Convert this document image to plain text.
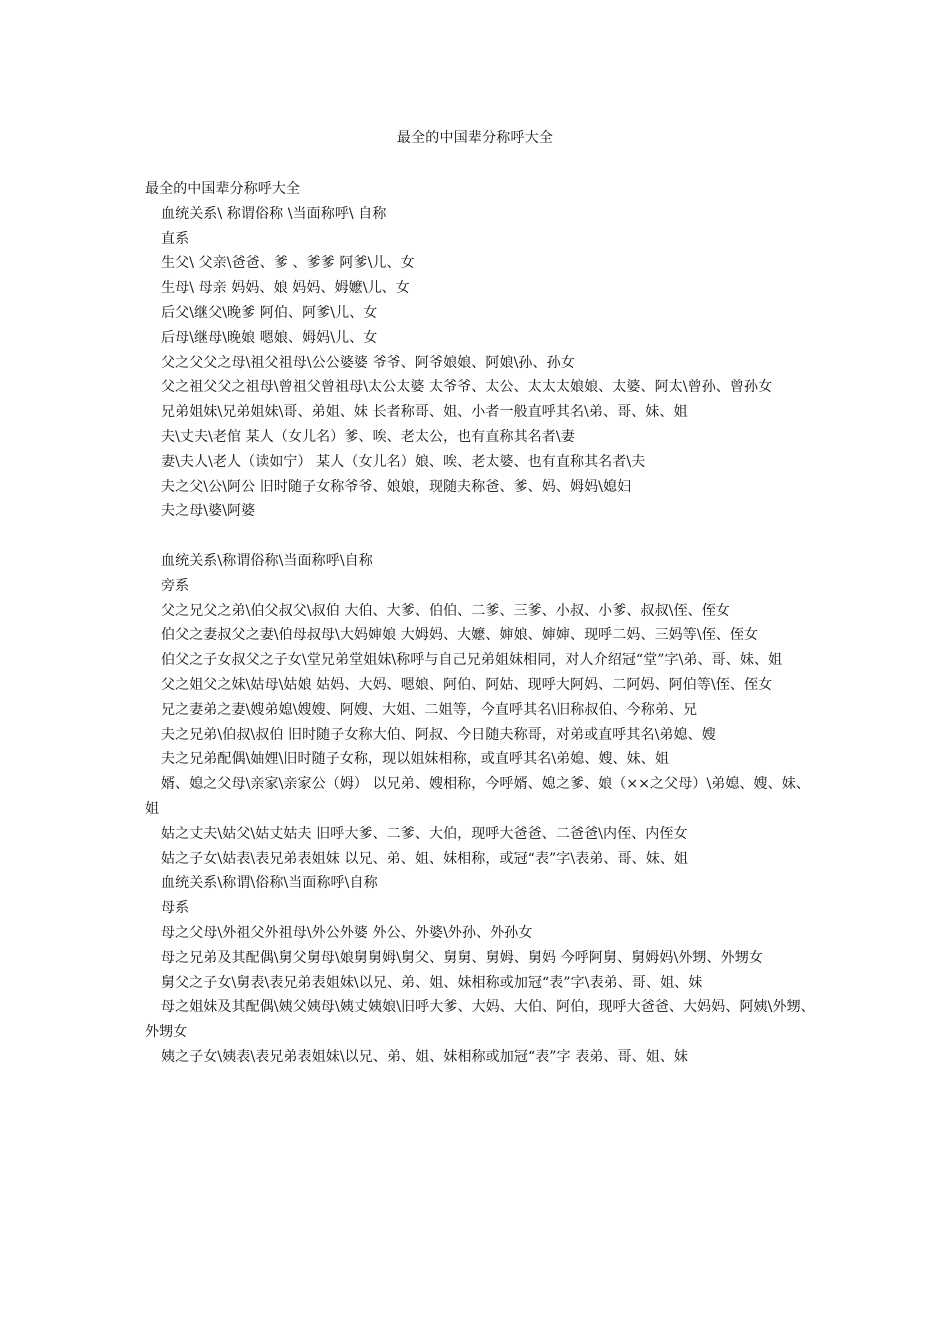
最全的中国辈分称呼大全
最全的中国辈分称呼大全
血统关系\ 称谓俗称 \当面称呼\ 自称
直系
生父\ 父亲\爸爸、爹 、爹爹 阿爹\儿、女
生母\ 母亲 妈妈、娘 妈妈、姆嬷\儿、女
后父\继父\晚爹 阿伯、阿爹\儿、女
后母\继母\晚娘 嗯娘、姆妈\儿、女
父之父父之母\祖父祖母\公公婆婆 爷爷、阿爷娘娘、阿娘\孙、孙女
父之祖父父之祖母\曾祖父曾祖母\太公太婆 太爷爷、太公、太太太娘娘、太婆、阿太\曾孙、曾孙女
兄弟姐妹\兄弟姐妹\哥、弟姐、妹 长者称哥、姐、小者一般直呼其名\弟、哥、妹、姐
夫\丈夫\老倌 某人（女儿名）爹、唉、老太公，也有直称其名者\妻
妻\夫人\老人（读如宁） 某人（女儿名）娘、唉、老太婆、也有直称其名者\夫
夫之父\公\阿公 旧时随子女称爷爷、娘娘，现随夫称爸、爹、妈、姆妈\媳妇
夫之母\婆\阿婆
血统关系\称谓俗称\当面称呼\自称
旁系
父之兄父之弟\伯父叔父\叔伯 大伯、大爹、伯伯、二爹、三爹、小叔、小爹、叔叔\侄、侄女
伯父之妻叔父之妻\伯母叔母\大妈婶娘 大姆妈、大嬷、婶娘、婶婶、现呼二妈、三妈等\侄、侄女
伯父之子女叔父之子女\堂兄弟堂姐妹\称呼与自己兄弟姐妹相同，对人介绍冠“堂”字\弟、哥、妹、姐
父之姐父之妹\姑母\姑娘 姑妈、大妈、嗯娘、阿伯、阿姑、现呼大阿妈、二阿妈、阿伯等\侄、侄女
兄之妻弟之妻\嫂弟媳\嫂嫂、阿嫂、大姐、二姐等，今直呼其名\旧称叔伯、今称弟、兄
夫之兄弟\伯叔\叔伯 旧时随子女称大伯、阿叔、今日随夫称哥，对弟或直呼其名\弟媳、嫂
夫之兄弟配偶\妯娌\旧时随子女称，现以姐妹相称，或直呼其名\弟媳、嫂、妹、姐
婿、媳之父母\亲家\亲家公（姆） 以兄弟、嫂相称，今呼婿、媳之爹、娘（××之父母）\弟媳、嫂、妹、姐
姑之丈夫\姑父\姑丈姑夫 旧呼大爹、二爹、大伯，现呼大爸爸、二爸爸\内侄、内侄女
姑之子女\姑表\表兄弟表姐妹 以兄、弟、姐、妹相称，或冠“表”字\表弟、哥、妹、姐
血统关系\称谓\俗称\当面称呼\自称
母系
母之父母\外祖父外祖母\外公外婆 外公、外婆\外孙、外孙女
母之兄弟及其配偶\舅父舅母\娘舅舅姆\舅父、舅舅、舅姆、舅妈 今呼阿舅、舅姆妈\外甥、外甥女
舅父之子女\舅表\表兄弟表姐妹\以兄、弟、姐、妹相称或加冠“表”字\表弟、哥、姐、妹
母之姐妹及其配偶\姨父姨母\姨丈姨娘\旧呼大爹、大妈、大伯、阿伯，现呼大爸爸、大妈妈、阿姨\外甥、外甥女
姨之子女\姨表\表兄弟表姐妹\以兄、弟、姐、妹相称或加冠“表”字 表弟、哥、姐、妹
